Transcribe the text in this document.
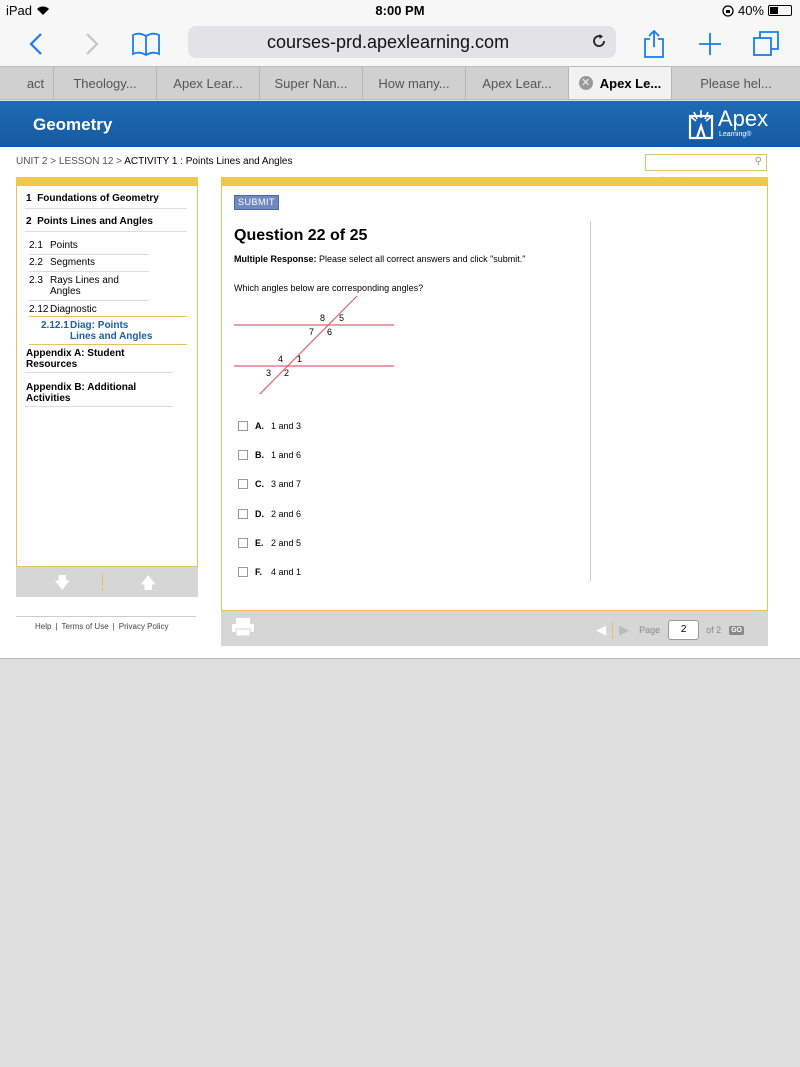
iPad	8:00 PM	40%
courses-prd.apexlearning.com
act Theology...	Apex Lear... Super Nan... How many...	Apex Lear...	✕ Apex Le...	Please hel...
Geometry	Apex
Learning®
UNIT 2 > LESSON 12 > ACTIVITY 1 : Points Lines and Angles	⚲
1 Foundations of Geometry
2 Points Lines and Angles
2.1 Points
2.2 Segments
2.3 Rays Lines and
Angles
2.12 Diagnostic
2.12.1Diag: Points
Lines and Angles
Appendix A: Student
Resources
Appendix B: Additional
Activities
🡇	🡅
Help | Terms of Use | Privacy Policy
SUBMIT
Question 22 of 25
Multiple Response: Please select all correct answers and click "submit."
Which angles below are corresponding angles?
8 5
7 6
4 1
3 2
A. 1 and 3
B. 1 and 6
C. 3 and 7
D. 2 and 6
E. 2 and 5
F. 4 and 1
◀ ▶ Page	2	of 2 GO
